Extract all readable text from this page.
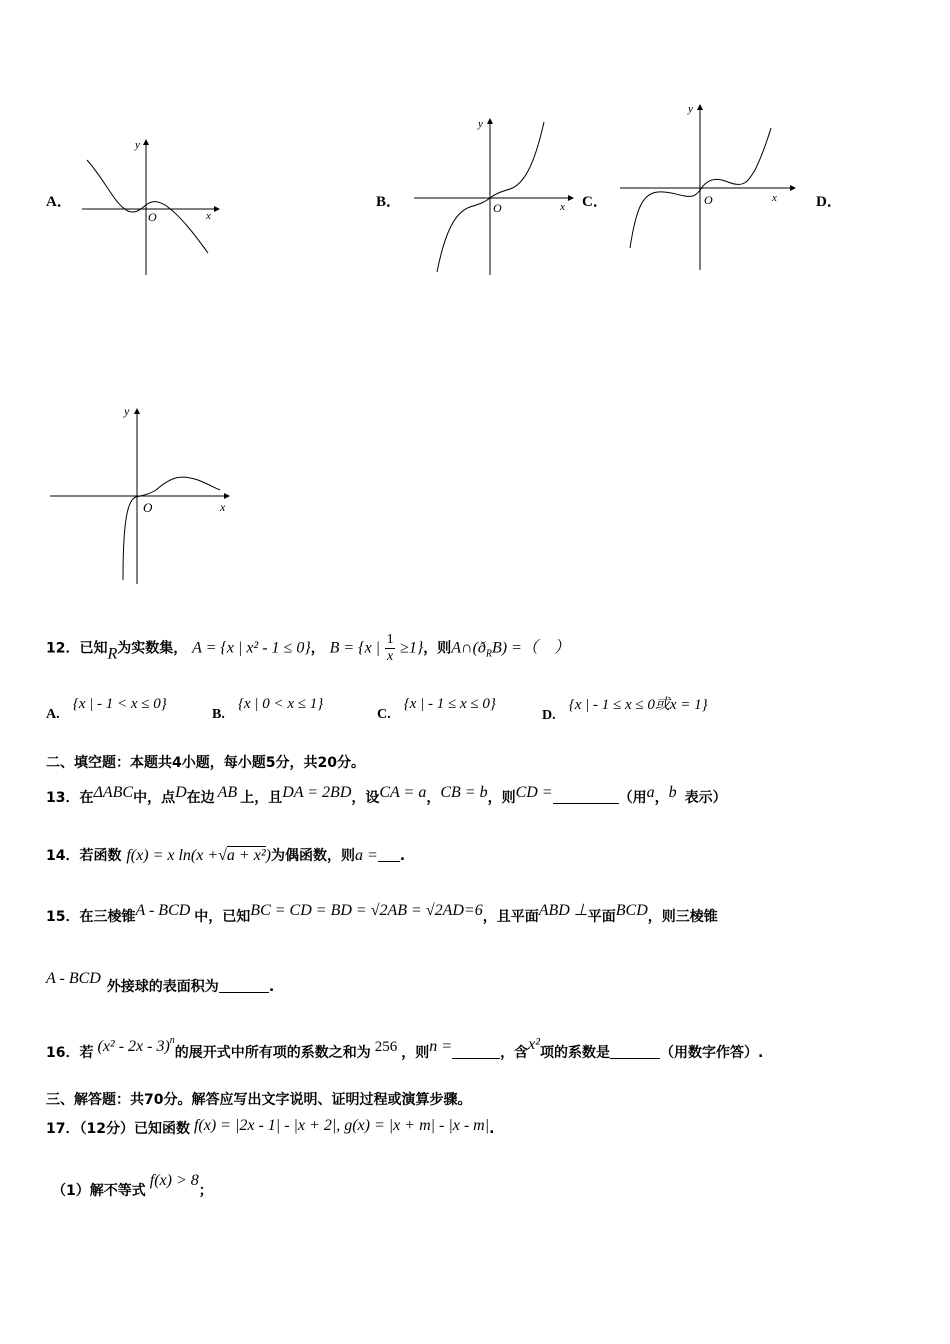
A．
y
x
O
B．
y
x
O	C．
y
x
O	D．
y
x
O
12．已知R为实数集， A = {x | x² - 1 ≤ 0}， B = {x | $\frac{1}{x} \ge 1$}，则$A\cap(ð_RB)$ =（　）
A. {x | - 1 < x ≤ 0}
B. {x | 0 < x ≤ 1}
C. {x | - 1 ≤ x ≤ 0}
D. {x | - 1 ≤ x ≤ 0或x = 1}
二、填空题：本题共4小题，每小题5分，共20分。
13．在ΔABC中，点D在边 AB 上，且DA = 2BD，设CA = a，CB = b，则CD =	（用a，b 表示）
14．若函数 f(x) = x ln(x +√a + x²)为偶函数，则a = .
15．在三棱锥A - BCD 中，已知BC = CD = BD = √2AB = √2AD=6，且平面ABD ⊥平面BCD，则三棱锥
A - BCD 外接球的表面积为	.
16．若 (x² - 2x - 3)$^n$的展开式中所有项的系数之和为 256 ，则n =	，含x²项的系数是	（用数字作答）.
三、解答题：共70分。解答应写出文字说明、证明过程或演算步骤。
17．（12分）已知函数 f(x) = |2x - 1| - |x + 2|, g(x) = |x + m| - |x - m|.
（1）解不等式f(x) > 8；
